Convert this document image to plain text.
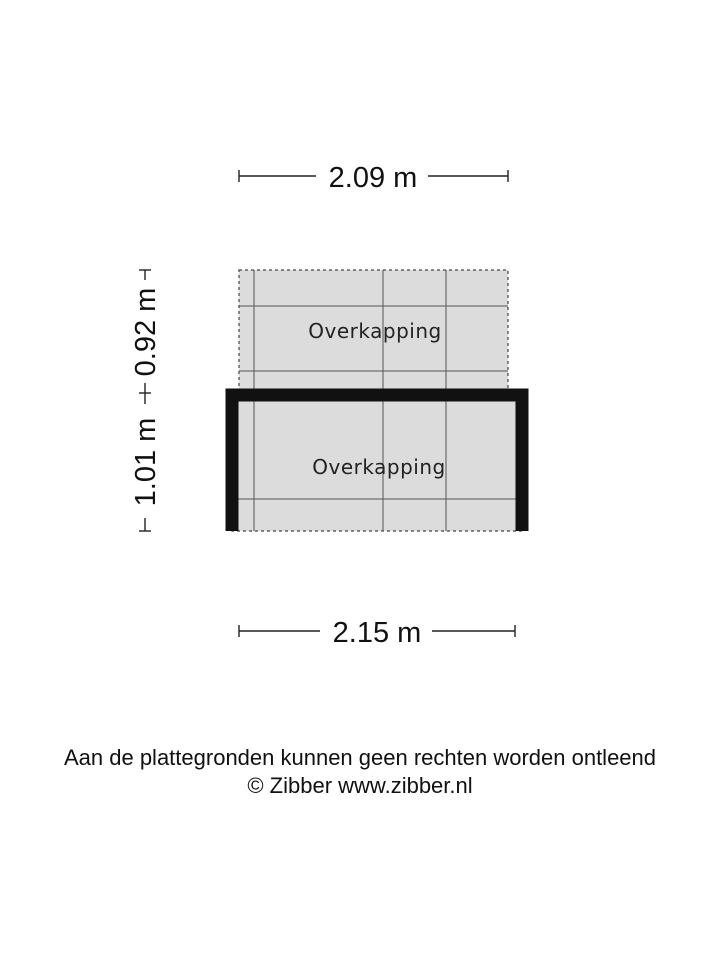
Overkapping
Overkapping
2.09 m
2.15 m
0.92 m
1.01 m
Aan de plattegronden kunnen geen rechten worden ontleend
© Zibber www.zibber.nl
